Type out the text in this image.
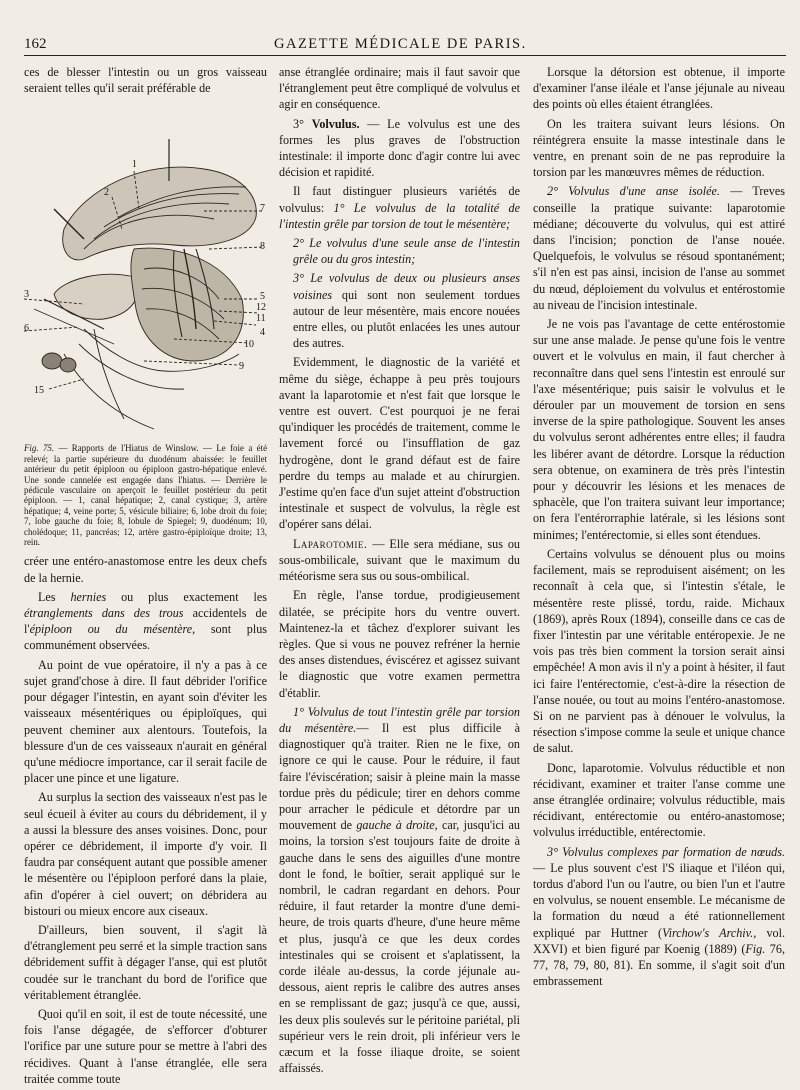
162	GAZETTE MÉDICALE DE PARIS.

ces de blesser l'intestin ou un gros vaisseau seraient telles qu'il serait préférable de

1
2
3
4
5
6
7
8
9
10
11
12
15
Fig. 75. — Rapports de l'Hiatus de Winslow. — Le foie a été relevé; la partie supérieure du duodénum abaissée: le feuillet antérieur du petit épiploon ou épiploon gastro-hépatique enlevé. Une sonde cannelée est engagée dans l'hiatus. — Derrière le pédicule vasculaire on aperçoit le feuillet postérieur du petit épiploon. — 1, canal hépatique; 2, canal cystique; 3, artère hépatique; 4, veine porte; 5, vésicule biliaire; 6, lobe droit du foie; 7, lobe gauche du foie; 8, lobule de Spiegel; 9, duodénum; 10, cholédoque; 11, pancréas; 12, artère gastro-épiploïque droite; 13, rein.

créer une entéro-anastomose entre les deux chefs de la hernie.

Les hernies ou plus exactement les étranglements dans des trous accidentels de l'épiploon ou du mésentère, sont plus communément observées.

Au point de vue opératoire, il n'y a pas à ce sujet grand'chose à dire. Il faut débrider l'orifice pour dégager l'intestin, en ayant soin d'éviter les vaisseaux mésentériques ou épiploïques, qui peuvent cheminer aux alentours. Toutefois, la blessure d'un de ces vaisseaux n'aurait en général qu'une médiocre importance, car il serait facile de placer une pince et une ligature.

Au surplus la section des vaisseaux n'est pas le seul écueil à éviter au cours du débridement, il y a aussi la blessure des anses voisines. Donc, pour opérer ce débridement, il importe d'y voir. Il faudra par conséquent autant que possible amener le mésentère ou l'épiploon perforé dans la plaie, afin d'opérer à ciel ouvert; on débridera au bistouri ou mieux encore aux ciseaux.

D'ailleurs, bien souvent, il s'agit là d'étranglement peu serré et la simple traction sans débridement suffit à dégager l'anse, qui est plutôt coudée sur le tranchant du bord de l'orifice que véritablement étranglée.

Quoi qu'il en soit, il est de toute nécessité, une fois l'anse dégagée, de s'efforcer d'obturer l'orifice par une suture pour se mettre à l'abri des récidives. Quant à l'anse étranglée, elle sera traitée comme toute

anse étranglée ordinaire; mais il faut savoir que l'étranglement peut être compliqué de volvulus et agir en conséquence.

3° Volvulus. — Le volvulus est une des formes les plus graves de l'obstruction intestinale: il importe donc d'agir contre lui avec décision et rapidité.

Il faut distinguer plusieurs variétés de volvulus: 1° Le volvulus de la totalité de l'intestin grêle par torsion de tout le mésentère;

2° Le volvulus d'une seule anse de l'intestin grêle ou du gros intestin;

3° Le volvulus de deux ou plusieurs anses voisines qui sont non seulement tordues autour de leur mésentère, mais encore nouées entre elles, ou plutôt enlacées les unes autour des autres.

Evidemment, le diagnostic de la variété et même du siège, échappe à peu près toujours avant la laparotomie et n'est fait que lorsque le ventre est ouvert. C'est pourquoi je ne ferai qu'indiquer les procédés de traitement, comme le lavement forcé ou l'insufflation de gaz hydrogène, dont le grand défaut est de faire perdre du temps au malade et au chirurgien. J'estime qu'en face d'un sujet atteint d'obstruction intestinale et suspect de volvulus, la règle est d'opérer sans délai.

Laparotomie. — Elle sera médiane, sus ou sous-ombilicale, suivant que le maximum du météorisme sera sus ou sous-ombilical.

En règle, l'anse tordue, prodigieusement dilatée, se précipite hors du ventre ouvert. Maintenez-la et tâchez d'explorer suivant les règles. Que si vous ne pouvez refréner la hernie des anses distendues, éviscérez et agissez suivant le diagnostic que votre examen permettra d'établir.

1° Volvulus de tout l'intestin grêle par torsion du mésentère.— Il est plus difficile à diagnostiquer qu'à traiter. Rien ne le fixe, on ignore ce qui le cause. Pour le réduire, il faut faire l'éviscération; saisir à pleine main la masse tordue près du pédicule; tirer en dehors comme pour arracher le pédicule et détordre par un mouvement de gauche à droite, car, jusqu'ici au moins, la torsion s'est toujours faite de droite à gauche dans le sens des aiguilles d'une montre dont le fond, le boîtier, serait appliqué sur le nombril, le cadran regardant en dehors. Pour réduire, il faut retarder la montre d'une demi-heure, de trois quarts d'heure, d'une heure même et plus, jusqu'à ce que les deux cordes intestinales qui se croisent et s'aplatissent, la corde iléale au-dessus, la corde jéjunale au-dessous, aient repris le calibre des autres anses en se remplissant de gaz; jusqu'à ce que, aussi, les deux plis soulevés sur le péritoine pariétal, pli supérieur vers le rein droit, pli inférieur vers le cæcum et la fosse iliaque droite, se soient affaissés.

Lorsque la détorsion est obtenue, il importe d'examiner l'anse iléale et l'anse jéjunale au niveau des points où elles étaient étranglées.

On les traitera suivant leurs lésions. On réintégrera ensuite la masse intestinale dans le ventre, en prenant soin de ne pas reproduire la torsion par les manœuvres mêmes de réduction.

2° Volvulus d'une anse isolée. — Treves conseille la pratique suivante: laparotomie médiane; découverte du volvulus, qui est attiré dans l'incision; ponction de l'anse nouée. Quelquefois, le volvulus se résoud spontanément; s'il n'en est pas ainsi, incision de l'anse au sommet du nœud, déploiement du volvulus et entérostomie au niveau de l'incision intestinale.

Je ne vois pas l'avantage de cette entérostomie sur une anse malade. Je pense qu'une fois le ventre ouvert et le volvulus en main, il faut chercher à reconnaître dans quel sens l'intestin est enroulé sur l'axe mésentérique; puis saisir le volvulus et le dérouler par un mouvement de torsion en sens inverse de la spire pathologique. Souvent les anses du volvulus seront adhérentes entre elles; il faudra les libérer avant de détordre. Lorsque la réduction sera obtenue, on examinera de très près l'intestin pour y découvrir les lésions et les menaces de sphacèle, que l'on traitera suivant leur importance; on fera l'entérorraphie latérale, si les lésions sont minimes; l'entérectomie, si elles sont étendues.

Certains volvulus se dénouent plus ou moins facilement, mais se reproduisent aisément; on les reconnaît à cela que, si l'intestin s'étale, le mésentère reste plissé, tordu, raide. Michaux (1869), après Roux (1894), conseille dans ce cas de fixer l'intestin par une véritable entéropexie. Je ne vois pas très bien comment la torsion serait ainsi empêchée! A mon avis il n'y a point à hésiter, il faut ici faire l'entérectomie, c'est-à-dire la résection de l'anse nouée, ou tout au moins l'entéro-anastomose. Si on ne parvient pas à dénouer le volvulus, la résection s'impose comme la seule et unique chance de salut.

Donc, laparotomie. Volvulus réductible et non récidivant, examiner et traiter l'anse comme une anse étranglée ordinaire; volvulus réductible, mais récidivant, entérectomie ou entéro-anastomose; volvulus irréductible, entérectomie.

3° Volvulus complexes par formation de nœuds. — Le plus souvent c'est l'S iliaque et l'iléon qui, tordus d'abord l'un ou l'autre, ou bien l'un et l'autre en volvulus, se nouent ensemble. Le mécanisme de la formation du nœud a été rationnellement expliqué par Huttner (Virchow's Archiv., vol. XXVI) et bien figuré par Koenig (1889) (Fig. 76, 77, 78, 79, 80, 81). En somme, il s'agit soit d'un embrassement
